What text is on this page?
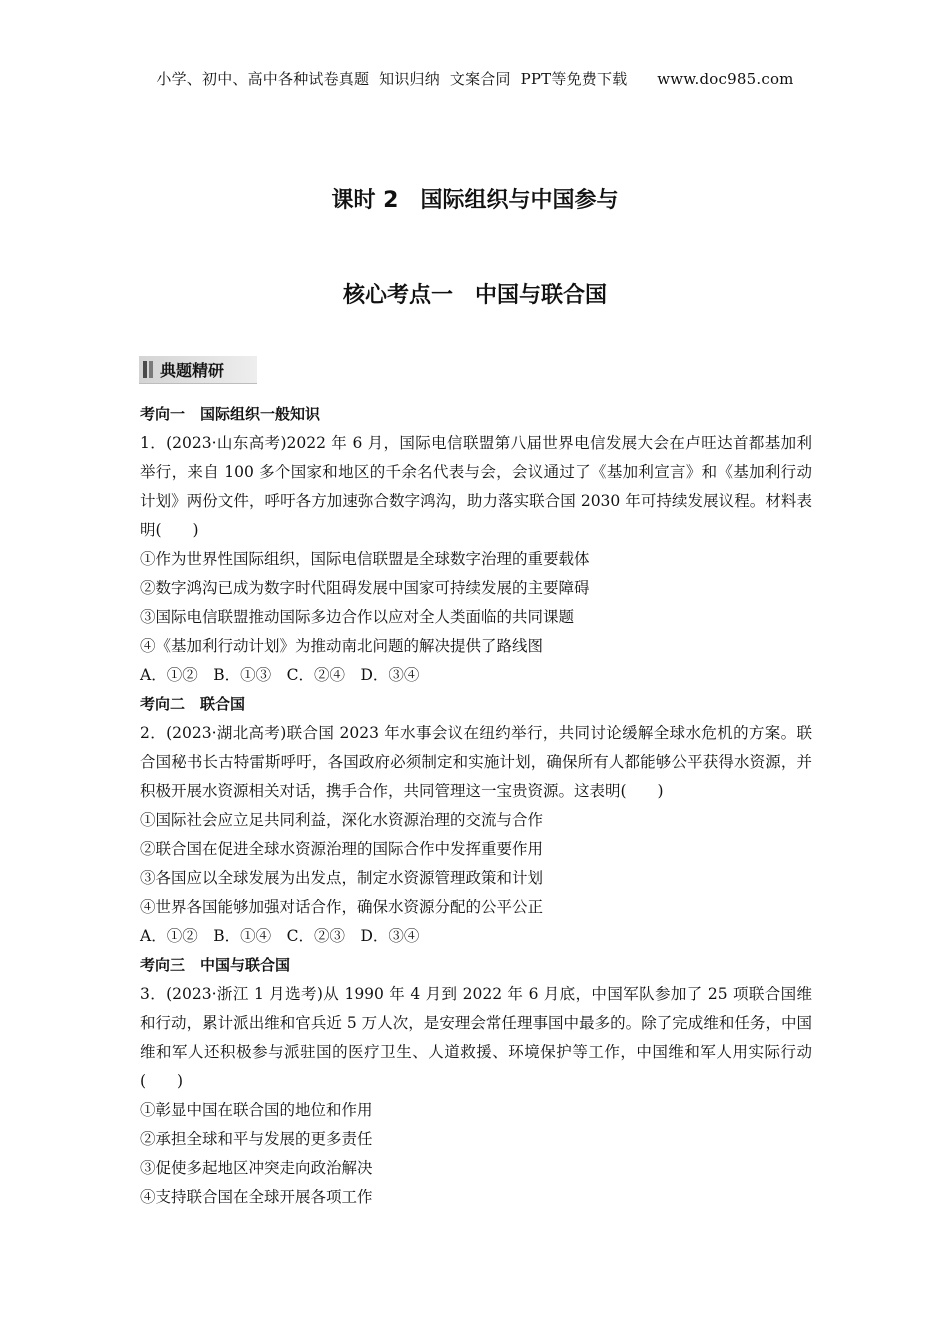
小学、初中、高中各种试卷真题  知识归纳  文案合同  PPT等免费下载      www.doc985.com
课时 2　国际组织与中国参与
核心考点一　中国与联合国
典题精研
考向一　国际组织一般知识
1．(2023·山东高考)2022 年 6 月，国际电信联盟第八届世界电信发展大会在卢旺达首都基加利举行，来自 100 多个国家和地区的千余名代表与会，会议通过了《基加利宣言》和《基加利行动计划》两份文件，呼吁各方加速弥合数字鸿沟，助力落实联合国 2030 年可持续发展议程。材料表明(　　)
①作为世界性国际组织，国际电信联盟是全球数字治理的重要载体
②数字鸿沟已成为数字时代阻碍发展中国家可持续发展的主要障碍
③国际电信联盟推动国际多边合作以应对全人类面临的共同课题
④《基加利行动计划》为推动南北问题的解决提供了路线图
A．①②　B．①③　C．②④　D．③④
考向二　联合国
2．(2023·湖北高考)联合国 2023 年水事会议在纽约举行，共同讨论缓解全球水危机的方案。联合国秘书长古特雷斯呼吁，各国政府必须制定和实施计划，确保所有人都能够公平获得水资源，并积极开展水资源相关对话，携手合作，共同管理这一宝贵资源。这表明(　　)
①国际社会应立足共同利益，深化水资源治理的交流与合作
②联合国在促进全球水资源治理的国际合作中发挥重要作用
③各国应以全球发展为出发点，制定水资源管理政策和计划
④世界各国能够加强对话合作，确保水资源分配的公平公正
A．①②　B．①④　C．②③　D．③④
考向三　中国与联合国
3．(2023·浙江 1 月选考)从 1990 年 4 月到 2022 年 6 月底，中国军队参加了 25 项联合国维和行动，累计派出维和官兵近 5 万人次，是安理会常任理事国中最多的。除了完成维和任务，中国维和军人还积极参与派驻国的医疗卫生、人道救援、环境保护等工作，中国维和军人用实际行动(　　)
①彰显中国在联合国的地位和作用
②承担全球和平与发展的更多责任
③促使多起地区冲突走向政治解决
④支持联合国在全球开展各项工作
